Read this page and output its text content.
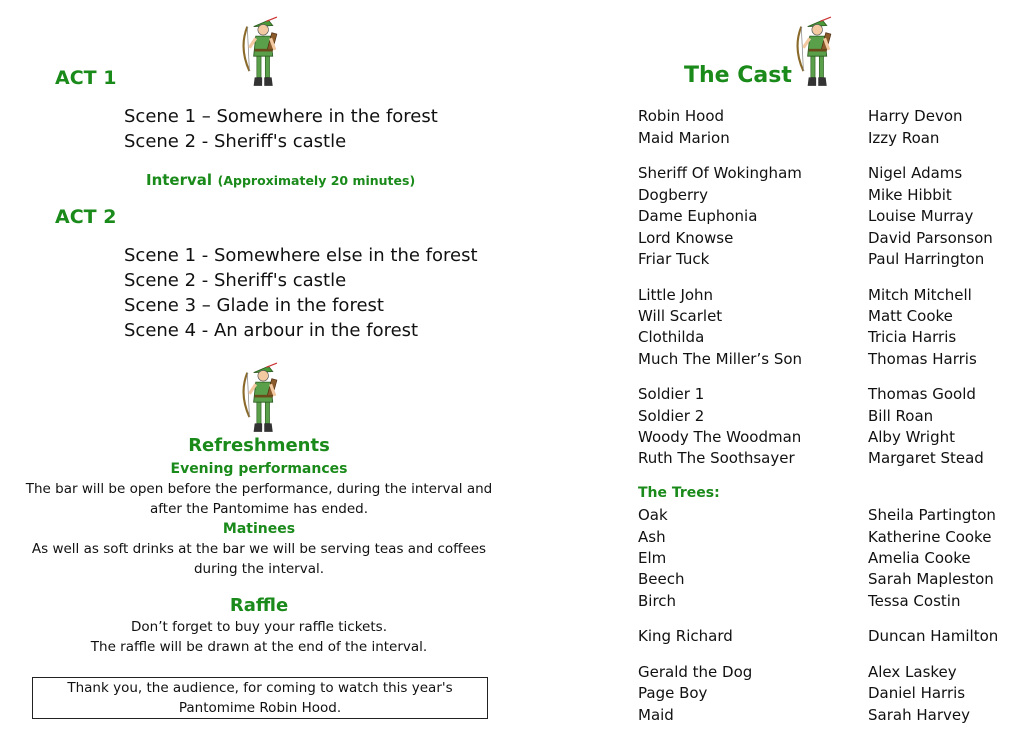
ACT 1
Scene 1 – Somewhere in the forest
Scene 2 - Sheriff's castle
Interval (Approximately 20 minutes)
ACT 2
Scene 1 - Somewhere else in the forest
Scene 2 - Sheriff's castle
Scene 3 – Glade in the forest
Scene 4 - An arbour in the forest
Refreshments
Evening performances
The bar will be open before the performance, during the interval and
after the Pantomime has ended.
Matinees
As well as soft drinks at the bar we will be serving teas and coffees
during the interval.
Raffle
Don’t forget to buy your raffle tickets.
The raffle will be drawn at the end of the interval.
Thank you, the audience, for coming to watch this year's
Pantomime Robin Hood.
The Cast
The Trees:
Robin Hood	Harry Devon
Maid Marion	Izzy Roan
Sheriff Of Wokingham	Nigel Adams
Dogberry	Mike Hibbit
Dame Euphonia	Louise Murray
Lord Knowse	David Parsonson
Friar Tuck	Paul Harrington
Little John	Mitch Mitchell
Will Scarlet	Matt Cooke
Clothilda	Tricia Harris
Much The Miller’s Son	Thomas Harris
Soldier 1	Thomas Goold
Soldier 2	Bill Roan
Woody The Woodman	Alby Wright
Ruth The Soothsayer	Margaret Stead
Oak	Sheila Partington
Ash	Katherine Cooke
Elm	Amelia Cooke
Beech	Sarah Mapleston
Birch	Tessa Costin
King Richard	Duncan Hamilton
Gerald the Dog	Alex Laskey
Page Boy	Daniel Harris
Maid	Sarah Harvey
